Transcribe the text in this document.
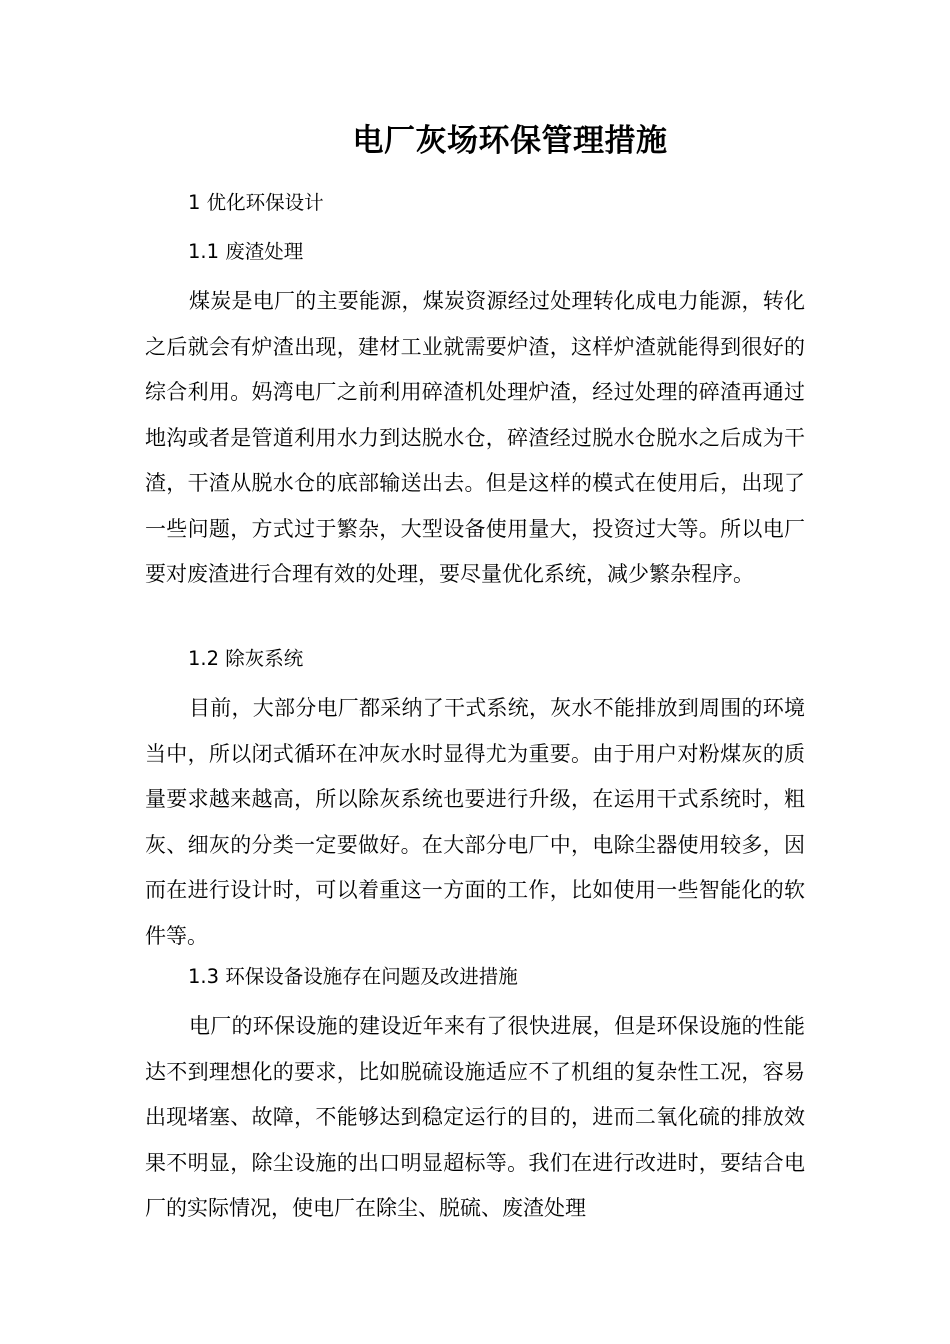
电厂灰场环保管理措施
1 优化环保设计
1.1 废渣处理
煤炭是电厂的主要能源，煤炭资源经过处理转化成电力能源，转化之后就会有炉渣出现，建材工业就需要炉渣，这样炉渣就能得到很好的综合利用。妈湾电厂之前利用碎渣机处理炉渣，经过处理的碎渣再通过地沟或者是管道利用水力到达脱水仓，碎渣经过脱水仓脱水之后成为干渣，干渣从脱水仓的底部输送出去。但是这样的模式在使用后，出现了一些问题，方式过于繁杂，大型设备使用量大，投资过大等。所以电厂要对废渣进行合理有效的处理，要尽量优化系统，减少繁杂程序。
1.2 除灰系统
目前，大部分电厂都采纳了干式系统，灰水不能排放到周围的环境当中，所以闭式循环在冲灰水时显得尤为重要。由于用户对粉煤灰的质量要求越来越高，所以除灰系统也要进行升级，在运用干式系统时，粗灰、细灰的分类一定要做好。在大部分电厂中，电除尘器使用较多，因而在进行设计时，可以着重这一方面的工作，比如使用一些智能化的软件等。
1.3 环保设备设施存在问题及改进措施
电厂的环保设施的建设近年来有了很快进展，但是环保设施的性能达不到理想化的要求，比如脱硫设施适应不了机组的复杂性工况，容易出现堵塞、故障，不能够达到稳定运行的目的，进而二氧化硫的排放效果不明显，除尘设施的出口明显超标等。我们在进行改进时，要结合电厂的实际情况，使电厂在除尘、脱硫、废渣处理
